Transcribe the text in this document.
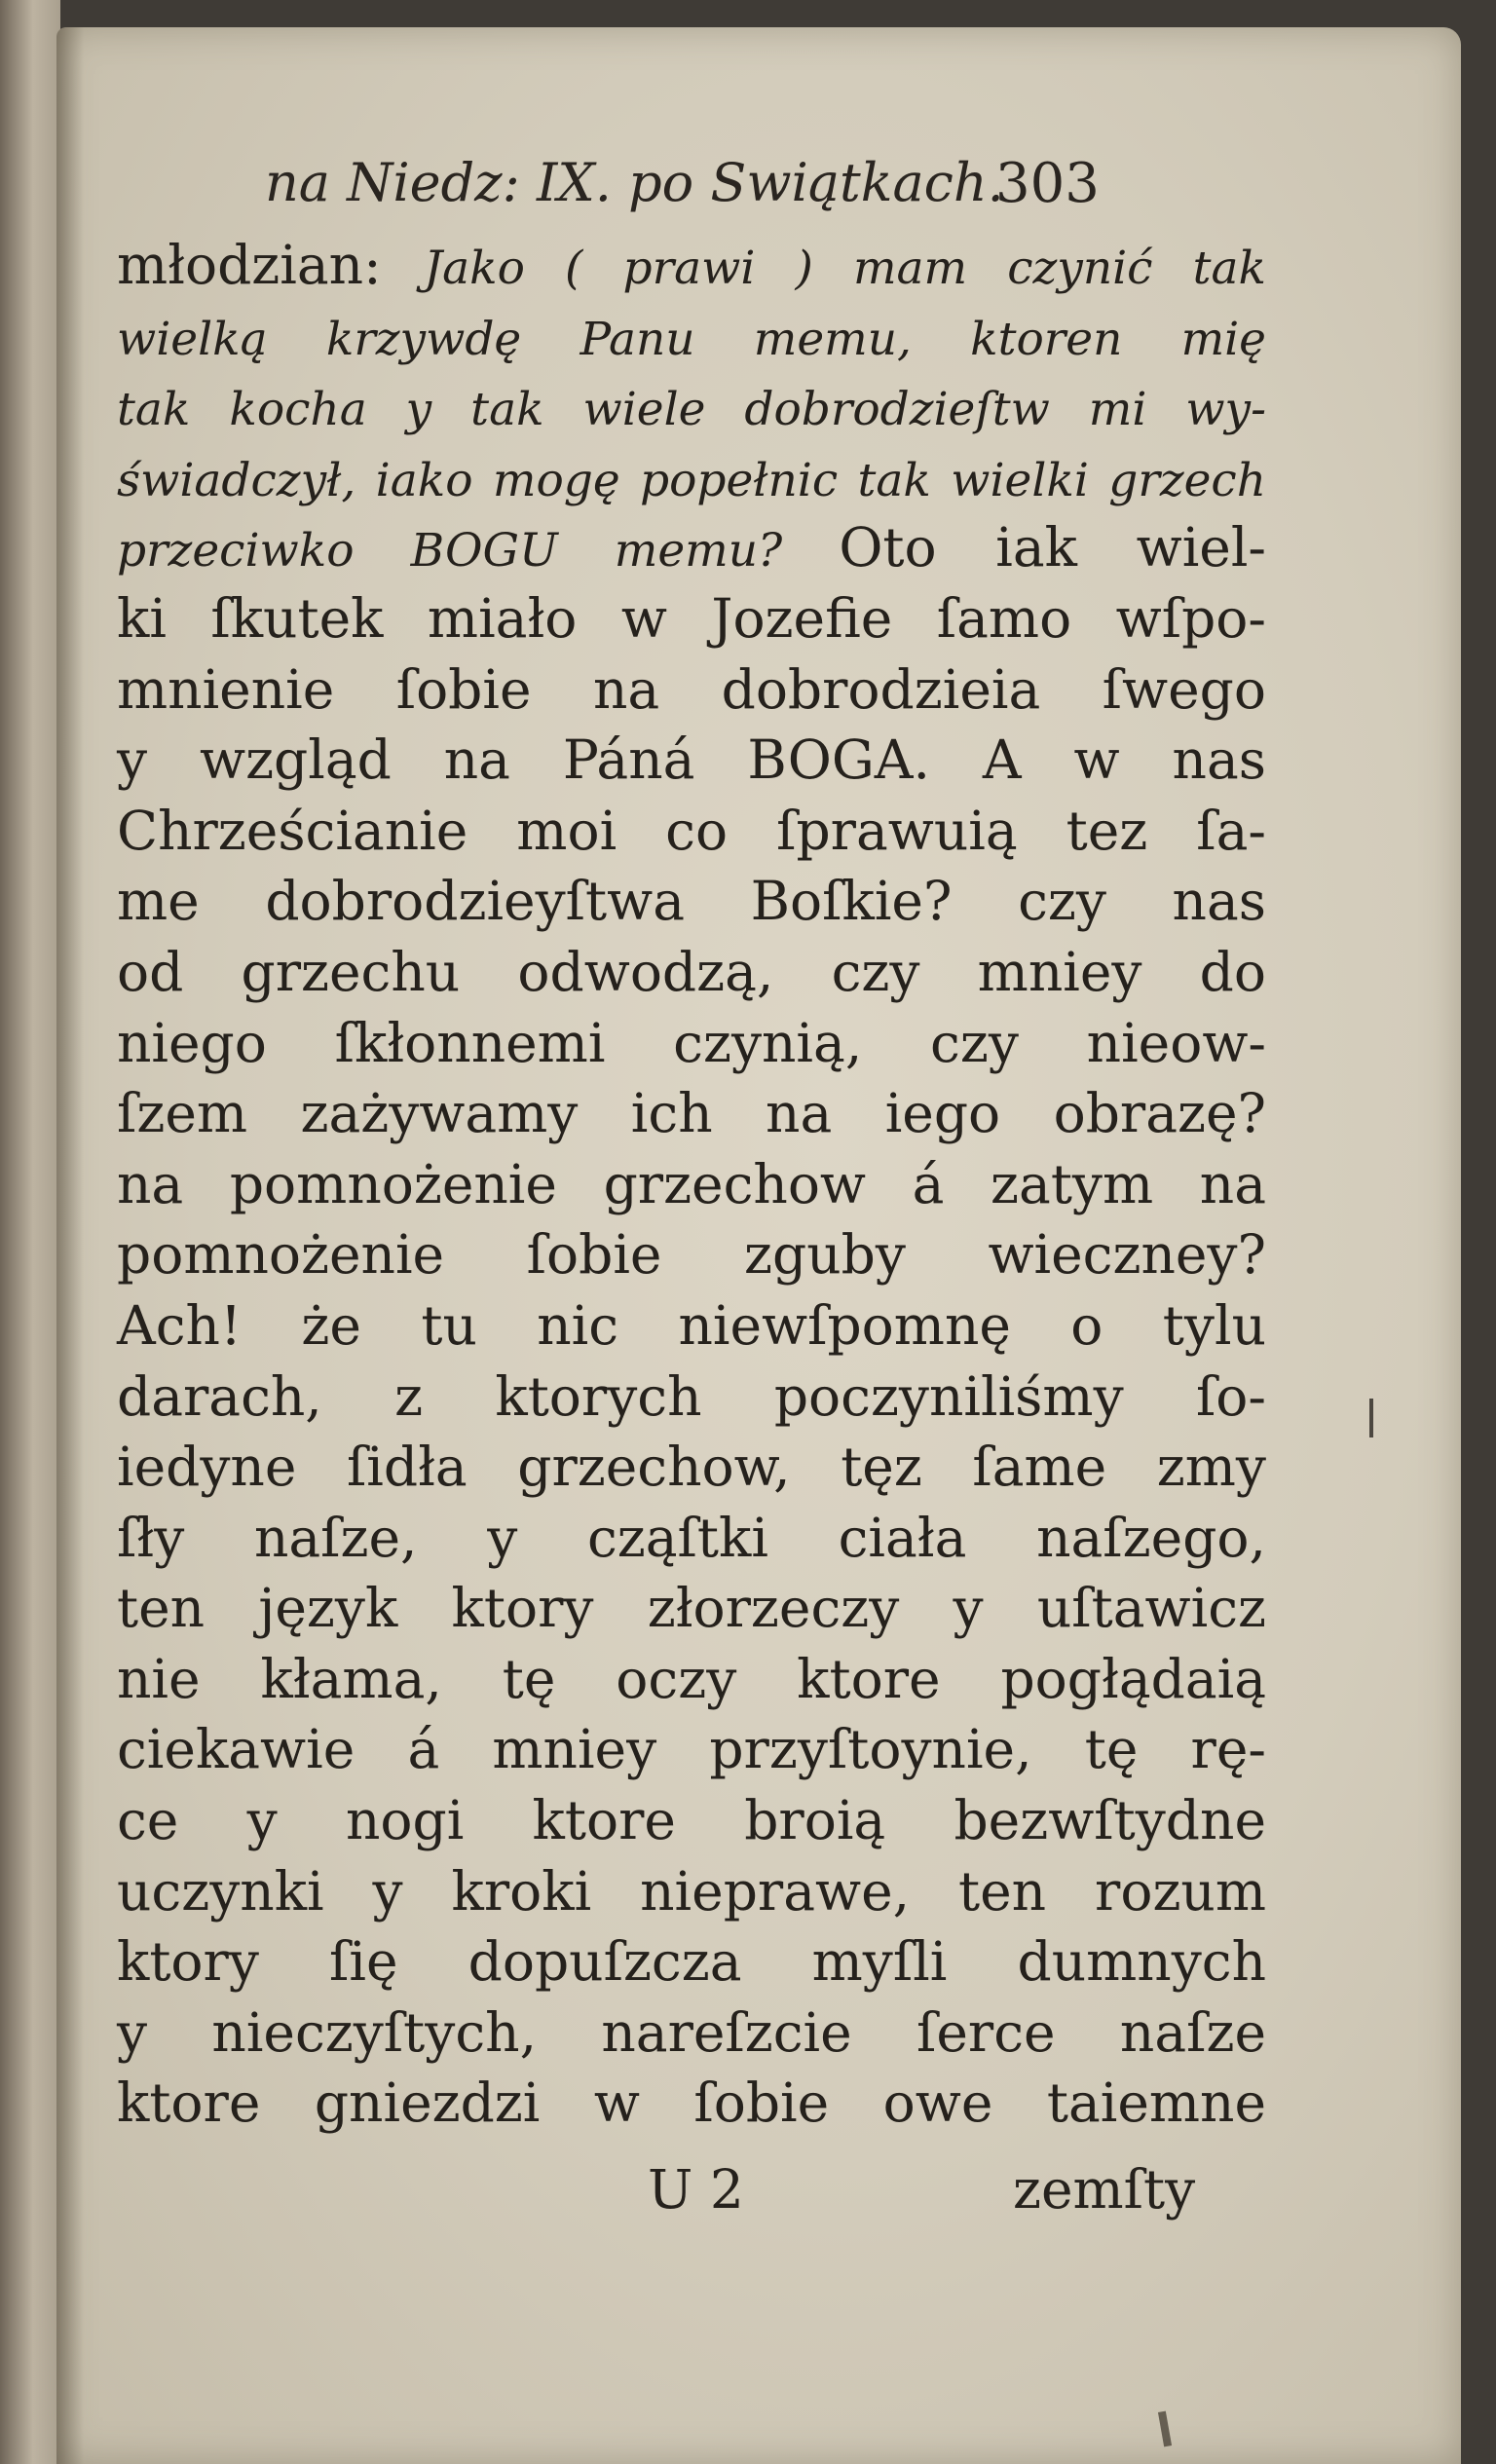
na Niedz: IX. po Swiątkach.
303
młodzian: Jako ( prawi ) mam czynić tak
wielką krzywdę Panu memu, ktoren mię
tak kocha y tak wiele dobrodzieſtw mi wy-
świadczył, iako mogę popełnic tak wielki grzech
przeciwko BOGU memu? Oto iak wiel-
ki ſkutek miało w Jozefie ſamo wſpo-
mnienie ſobie na dobrodzieia ſwego
y wzgląd na Páná BOGA. A w nas
Chrześcianie moi co ſprawuią tez ſa-
me dobrodzieyſtwa Boſkie? czy nas
od grzechu odwodzą, czy mniey do
niego ſkłonnemi czynią, czy nieow-
ſzem zażywamy ich na iego obrazę?
na pomnożenie grzechow á zatym na
pomnożenie ſobie zguby wieczney?
Ach! że tu nic niewſpomnę o tylu
darach, z ktorych poczyniliśmy ſo-
iedyne ſidła grzechow, tęz ſame zmy
ſły naſze, y cząſtki ciała naſzego,
ten język ktory złorzeczy y uſtawicz
nie kłama, tę oczy ktore pogłądaią
ciekawie á mniey przyſtoynie, tę rę-
ce y nogi ktore broią bezwſtydne
uczynki y kroki nieprawe, ten rozum
ktory ſię dopuſzcza myſli dumnych
y nieczyſtych, nareſzcie ſerce naſze
ktore gniezdzi w ſobie owe taiemne
U 2	zemſty
